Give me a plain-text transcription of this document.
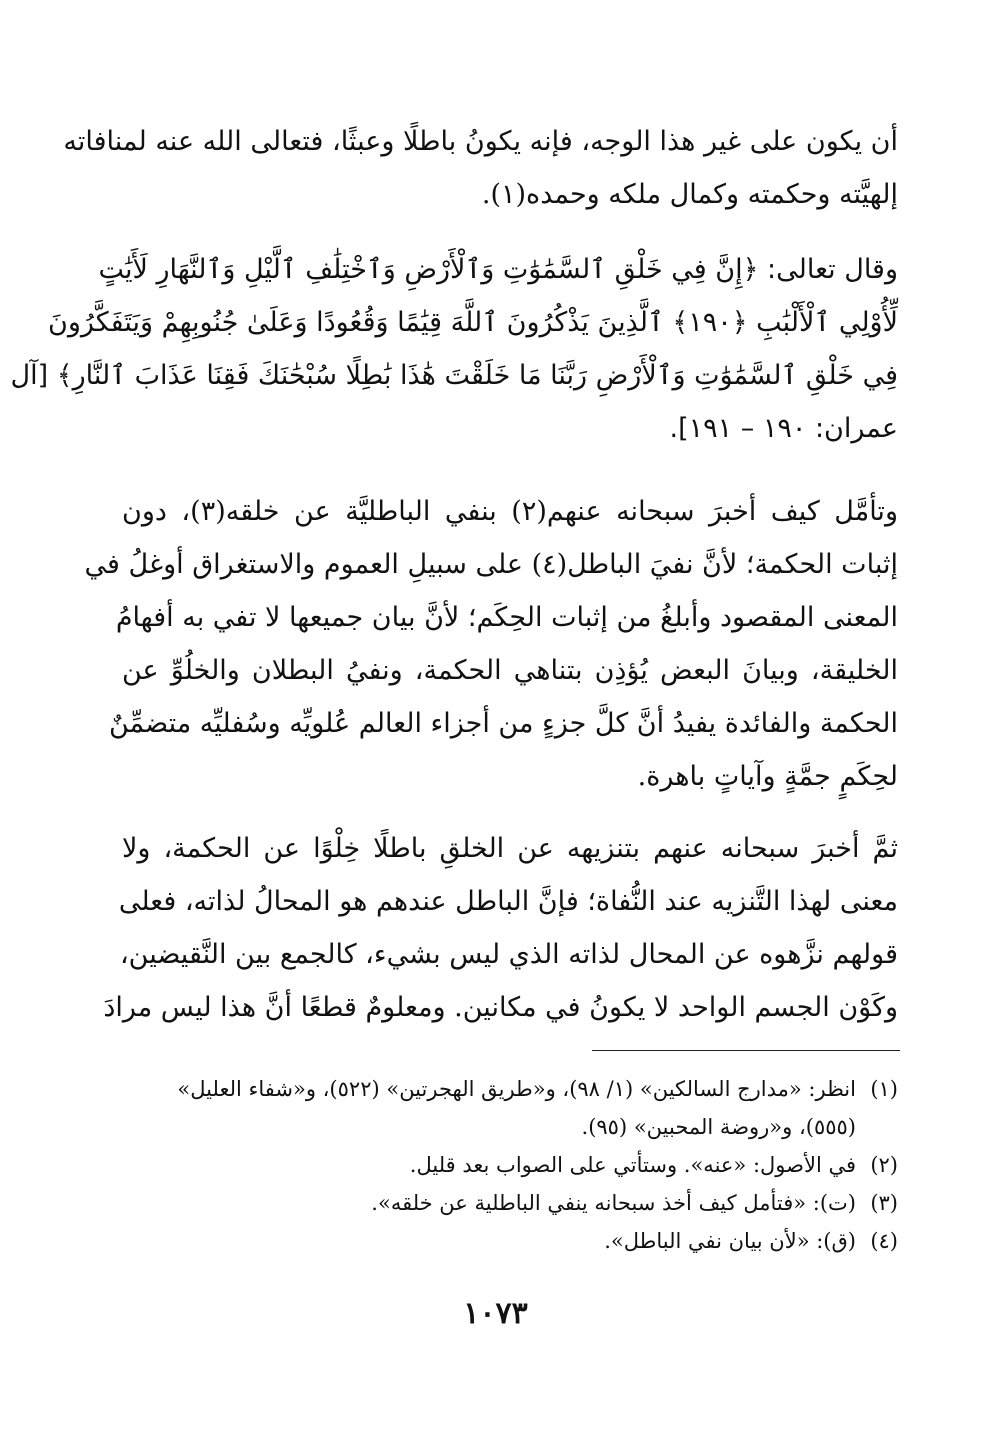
أن يكون على غير هذا الوجه، فإنه يكونُ باطلًا وعبثًا، فتعالى الله عنه لمنافاته
إلهيَّته وحكمته وكمال ملكه وحمده(١).
وقال تعالى: ﴿إِنَّ فِي خَلْقِ ٱلسَّمَٰوَٰتِ وَٱلْأَرْضِ وَٱخْتِلَٰفِ ٱلَّيْلِ وَٱلنَّهَارِ لَأَيَٰتٍ
لِّأُوْلِي ٱلْأَلْبَٰبِ ﴿١٩٠﴾ ٱلَّذِينَ يَذْكُرُونَ ٱللَّهَ قِيَٰمًا وَقُعُودًا وَعَلَىٰ جُنُوبِهِمْ وَيَتَفَكَّرُونَ
فِي خَلْقِ ٱلسَّمَٰوَٰتِ وَٱلْأَرْضِ رَبَّنَا مَا خَلَقْتَ هَٰذَا بَٰطِلًا سُبْحَٰنَكَ فَقِنَا عَذَابَ ٱلنَّارِ﴾ [آل
عمران: ١٩٠ – ١٩١].
وتأمَّل كيف أخبرَ سبحانه عنهم(٢) بنفي الباطليَّة عن خلقه(٣)، دون
إثبات الحكمة؛ لأنَّ نفيَ الباطل(٤) على سبيلِ العموم والاستغراق أوغلُ في
المعنى المقصود وأبلغُ من إثبات الحِكَم؛ لأنَّ بيان جميعها لا تفي به أفهامُ
الخليقة، وبيانَ البعض يُؤذِن بتناهي الحكمة، ونفيُ البطلان والخلُوِّ عن
الحكمة والفائدة يفيدُ أنَّ كلَّ جزءٍ من أجزاء العالم عُلويِّه وسُفليِّه متضمِّنٌ
لحِكَمٍ جمَّةٍ وآياتٍ باهرة.
ثمَّ أخبرَ سبحانه عنهم بتنزيهه عن الخلقِ باطلًا خِلْوًا عن الحكمة، ولا
معنى لهذا التَّنزيه عند النُّفاة؛ فإنَّ الباطل عندهم هو المحالُ لذاته، فعلى
قولهم نزَّهوه عن المحال لذاته الذي ليس بشيء، كالجمع بين النَّقيضين،
وكَوْن الجسم الواحد لا يكونُ في مكانين. ومعلومٌ قطعًا أنَّ هذا ليس مرادَ
(١)انظر: «مدارج السالكين» (١/ ٩٨)، و«طريق الهجرتين» (٥٢٢)، و«شفاء العليل»
(٥٥٥)، و«روضة المحبين» (٩٥).
(٢)في الأصول: «عنه». وستأتي على الصواب بعد قليل.
(٣)(ت): «فتأمل كيف أخذ سبحانه ينفي الباطلية عن خلقه».
(٤)(ق): «لأن بيان نفي الباطل».
١٠٧٣
